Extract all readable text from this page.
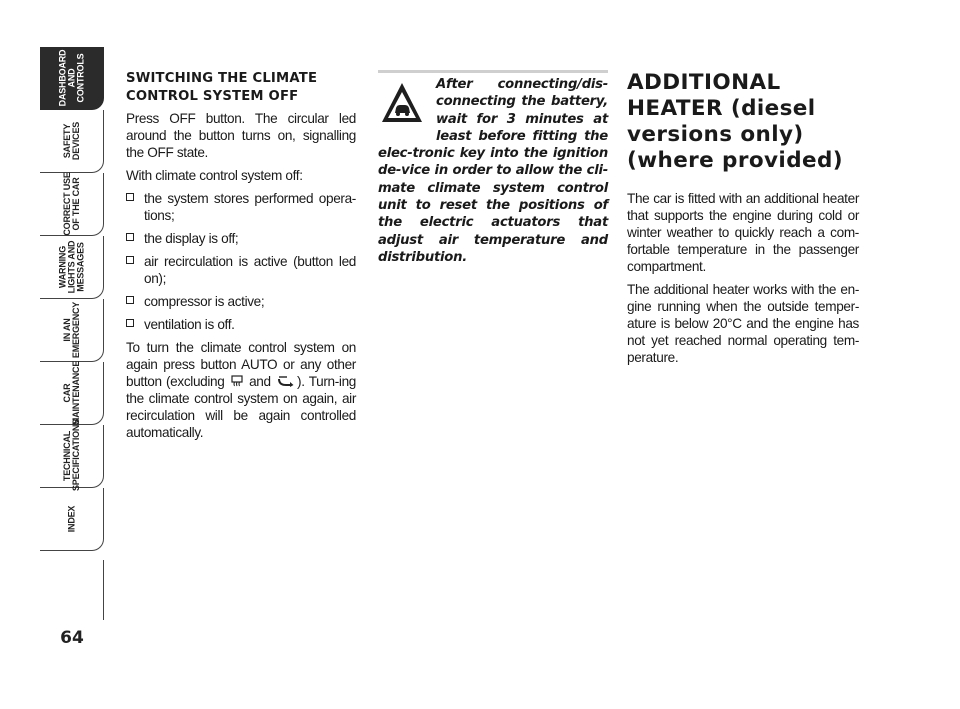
DASHBOARD
AND
CONTROLS
SAFETY
DEVICES
CORRECT USE
OF THE CAR
WARNING
LIGHTS AND
MESSAGES
IN AN
EMERGENCY
CAR
MAINTENANCE
TECHNICAL
SPECIFICATIONS
INDEX
64
SWITCHING THE CLIMATE CONTROL SYSTEM OFF

Press OFF button. The circular led around the button turns on, signalling the OFF state.

With climate control system off:

the system stores performed opera-tions;
the display is off;
air recirculation is active (button led on);
compressor is active;
ventilation is off.

To turn the climate control system on again press button AUTO or any other button (excluding  and ). Turn-ing the climate control system on again, air recirculation will be again controlled automatically.

After connecting/dis-connecting the battery, wait for 3 minutes at least before fitting the elec-tronic key into the ignition de-vice in order to allow the cli-mate climate system control unit to reset the positions of the electric actuators that adjust air temperature and distribution.

ADDITIONAL HEATER (diesel versions only) (where provided)

The car is fitted with an additional heater that supports the engine during cold or winter weather to quickly reach a com-fortable temperature in the passenger compartment.

The additional heater works with the en-gine running when the outside temper-ature is below 20°C and the engine has not yet reached normal operating tem-perature.
